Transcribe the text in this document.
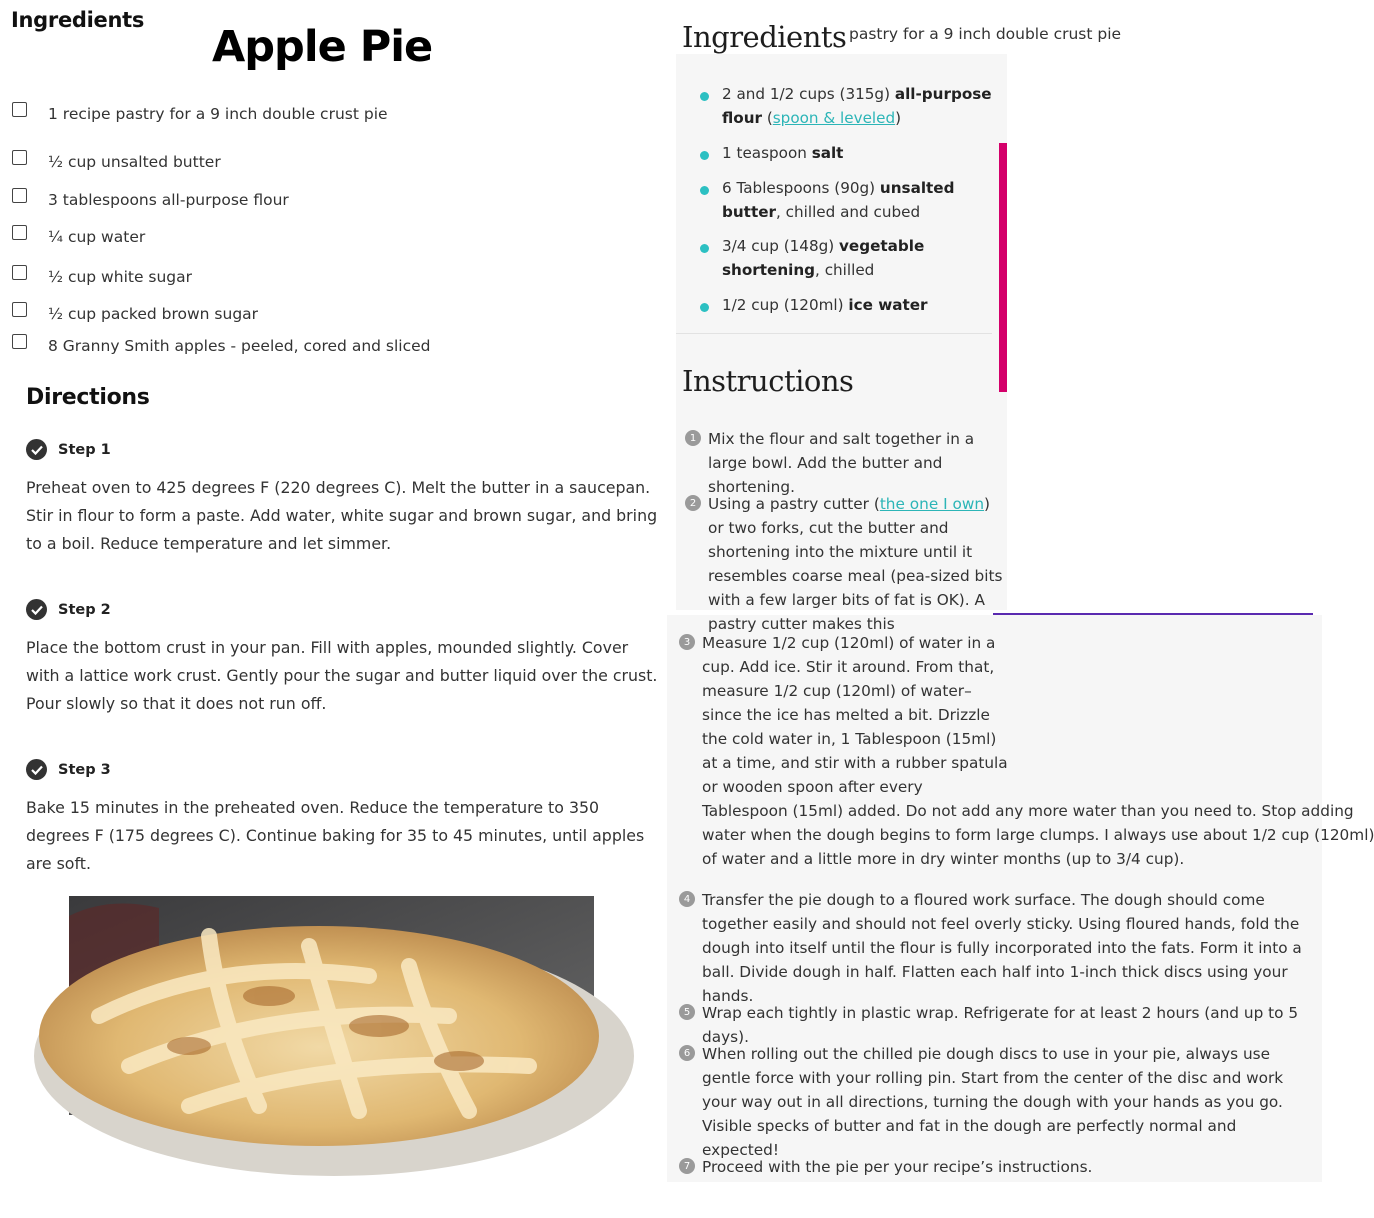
Ingredients
Apple Pie
1 recipe pastry for a 9 inch double crust pie
½ cup unsalted butter
3 tablespoons all-purpose flour
¼ cup water
½ cup white sugar
½ cup packed brown sugar
8 Granny Smith apples - peeled, cored and sliced
Directions
Step 1
Preheat oven to 425 degrees F (220 degrees C). Melt the butter in a saucepan. Stir in flour to form a paste. Add water, white sugar and brown sugar, and bring to a boil. Reduce temperature and let simmer.
Step 2
Place the bottom crust in your pan. Fill with apples, mounded slightly. Cover with a lattice work crust. Gently pour the sugar and butter liquid over the crust. Pour slowly so that it does not run off.
Step 3
Bake 15 minutes in the preheated oven. Reduce the temperature to 350 degrees F (175 degrees C). Continue baking for 35 to 45 minutes, until apples are soft.
Ingredients pastry for a 9 inch double crust pie
2 and 1/2 cups (315g) all-purpose flour (spoon & leveled)
1 teaspoon salt
6 Tablespoons (90g) unsalted butter, chilled and cubed
3/4 cup (148g) vegetable shortening, chilled
1/2 cup (120ml) ice water
Instructions
1 Mix the flour and salt together in a large bowl. Add the butter and shortening.
2 Using a pastry cutter (the one I own) or two forks, cut the butter and shortening into the mixture until it resembles coarse meal (pea-sized bits with a few larger bits of fat is OK). A pastry cutter makes this
3 Measure 1/2 cup (120ml) of water in a
cup. Add ice. Stir it around. From that,
measure 1/2 cup (120ml) of water–
since the ice has melted a bit. Drizzle
the cold water in, 1 Tablespoon (15ml)
at a time, and stir with a rubber spatula
or wooden spoon after every
Tablespoon (15ml) added. Do not add any more water than you need to. Stop adding
water when the dough begins to form large clumps. I always use about 1/2 cup (120ml)
of water and a little more in dry winter months (up to 3/4 cup).
4 Transfer the pie dough to a floured work surface. The dough should come together easily and should not feel overly sticky. Using floured hands, fold the dough into itself until the flour is fully incorporated into the fats. Form it into a ball. Divide dough in half. Flatten each half into 1-inch thick discs using your hands.
5 Wrap each tightly in plastic wrap. Refrigerate for at least 2 hours (and up to 5 days).
6 When rolling out the chilled pie dough discs to use in your pie, always use gentle force with your rolling pin. Start from the center of the disc and work your way out in all directions, turning the dough with your hands as you go. Visible specks of butter and fat in the dough are perfectly normal and expected!
7 Proceed with the pie per your recipe’s instructions.
